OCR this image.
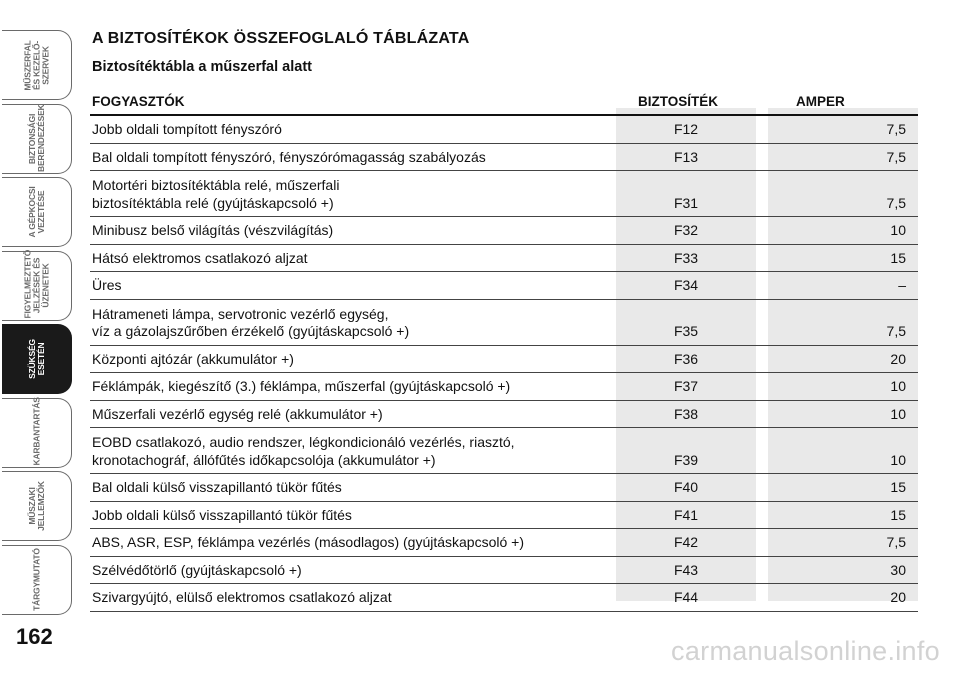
MŰSZERFAL
ÉS KEZELŐ-
SZERVEK
BIZTONSÁGI
BERENDEZÉSEK
A GÉPKOCSI
VEZETÉSE
FIGYELMEZTETŐ
JELZÉSEK ÉS
ÜZENETEK
SZÜKSÉG
ESETÉN
KARBANTARTÁS
MŰSZAKI
JELLEMZŐK
TÁRGYMUTATÓ
162
A BIZTOSÍTÉKOK ÖSSZEFOGLALÓ TÁBLÁZATA
Biztosítéktábla a műszerfal alatt
FOGYASZTÓK	BIZTOSÍTÉK	AMPER
Jobb oldali tompított fényszóró	F12	7,5
Bal oldali tompított fényszóró, fényszórómagasság szabályozás	F13	7,5
Motortéri biztosítéktábla relé, műszerfali
biztosítéktábla relé (gyújtáskapcsoló +)	F31	7,5
Minibusz belső világítás (vészvilágítás)	F32	10
Hátsó elektromos csatlakozó aljzat	F33	15
Üres	F34	–
Hátrameneti lámpa, servotronic vezérlő egység,
víz a gázolajszűrőben érzékelő (gyújtáskapcsoló +)	F35	7,5
Központi ajtózár (akkumulátor +)	F36	20
Féklámpák, kiegészítő (3.) féklámpa, műszerfal (gyújtáskapcsoló +)	F37	10
Műszerfali vezérlő egység relé (akkumulátor +)	F38	10
EOBD csatlakozó, audio rendszer, légkondicionáló vezérlés, riasztó,
kronotachográf, állófűtés időkapcsolója (akkumulátor +)	F39	10
Bal oldali külső visszapillantó tükör fűtés	F40	15
Jobb oldali külső visszapillantó tükör fűtés	F41	15
ABS, ASR, ESP, féklámpa vezérlés (másodlagos) (gyújtáskapcsoló +)	F42	7,5
Szélvédőtörlő (gyújtáskapcsoló +)	F43	30
Szivargyújtó, elülső elektromos csatlakozó aljzat	F44	20
carmanualsonline.info
